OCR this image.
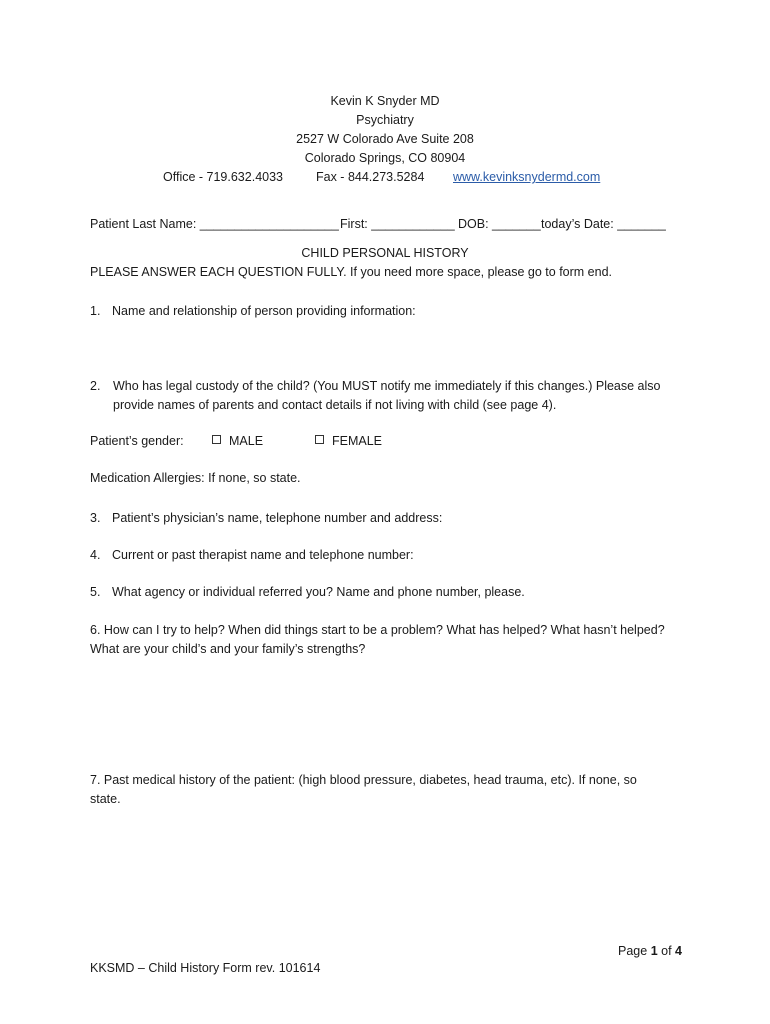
Kevin K Snyder MD
Psychiatry
2527 W Colorado Ave Suite 208
Colorado Springs, CO 80904
Office - 719.632.4033	Fax - 844.273.5284 www.kevinksnydermd.com
Patient Last Name: ____________________ First: ____________ DOB: _______ today’s Date: _______
CHILD PERSONAL HISTORY
PLEASE ANSWER EACH QUESTION FULLY. If you need more space, please go to form end.
1. Name and relationship of person providing information:
2. Who has legal custody of the child? (You MUST notify me immediately if this changes.) Please also provide names of parents and contact details if not living with child (see page 4).
Patient’s gender:	MALE	FEMALE
Medication Allergies: If none, so state.
3. Patient’s physician’s name, telephone number and address:
4. Current or past therapist name and telephone number:
5. What agency or individual referred you? Name and phone number, please.
6. How can I try to help? When did things start to be a problem? What has helped? What hasn’t helped? What are your child’s and your family’s strengths?
7. Past medical history of the patient: (high blood pressure, diabetes, head trauma, etc). If none, so state.
Page 1 of 4
KKSMD – Child History Form rev. 101614
